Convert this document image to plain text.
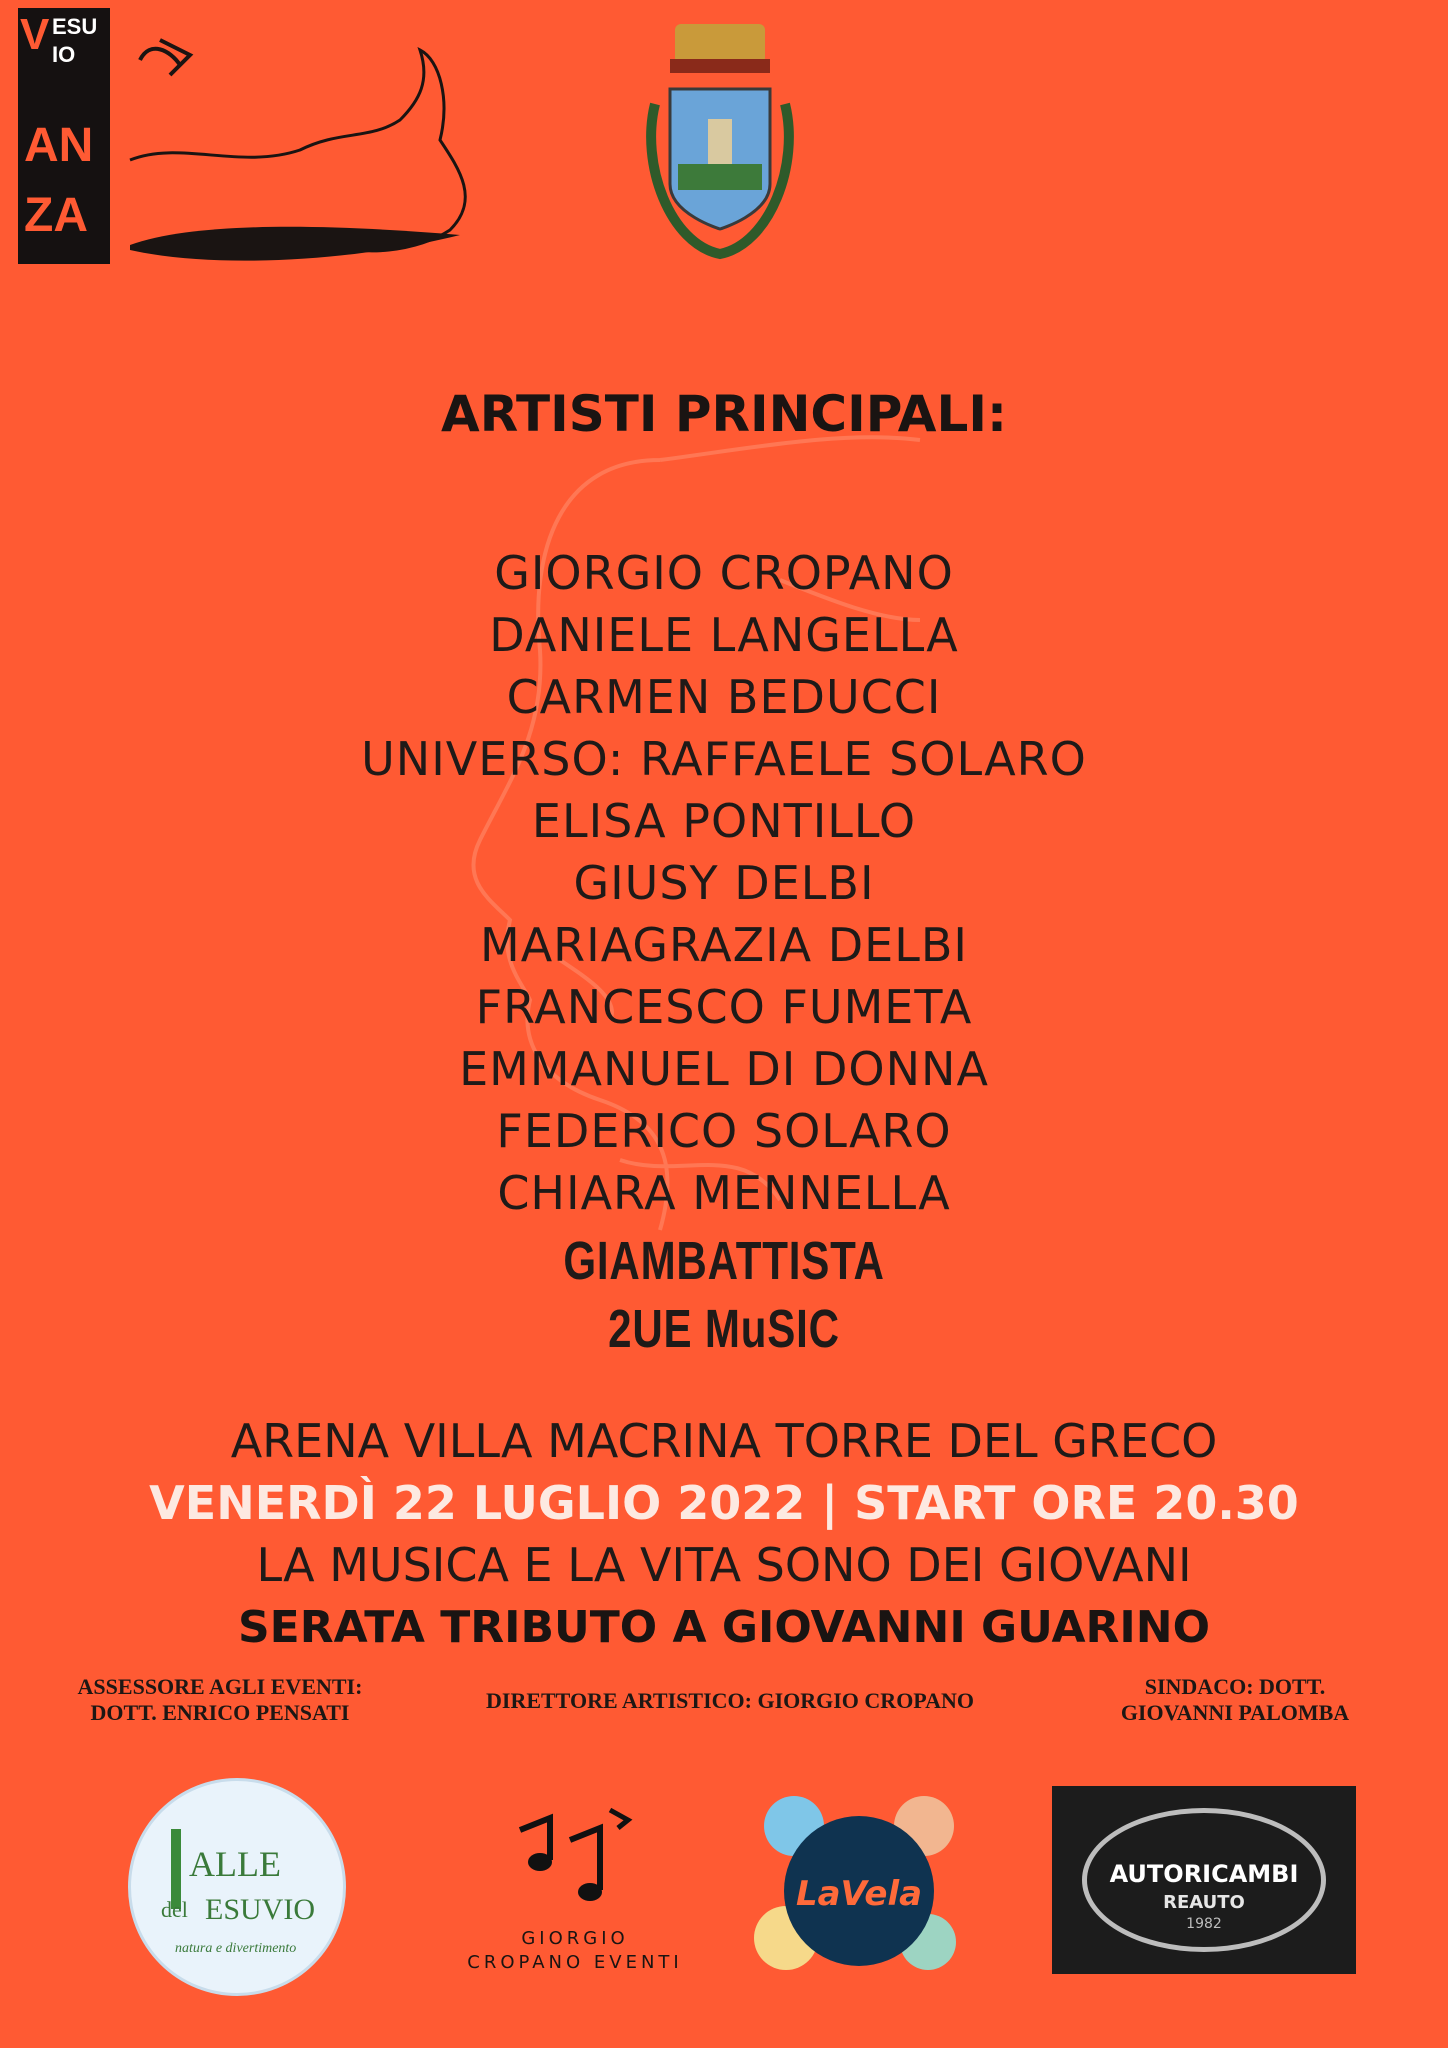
V ESU
IO
AN
ZA
ARTISTI PRINCIPALI:
GIORGIO CROPANO
DANIELE LANGELLA
CARMEN BEDUCCI
UNIVERSO: RAFFAELE SOLARO
ELISA PONTILLO
GIUSY DELBI
MARIAGRAZIA DELBI
FRANCESCO FUMETA
EMMANUEL DI DONNA
FEDERICO SOLARO
CHIARA MENNELLA
GIAMBATTISTA
2UE MuSIC
ARENA VILLA MACRINA TORRE DEL GRECO
VENERDÌ 22 LUGLIO 2022 | START ORE 20.30
LA MUSICA E LA VITA SONO DEI GIOVANI
SERATA TRIBUTO A GIOVANNI GUARINO
ASSESSORE AGLI EVENTI:
DOTT. ENRICO PENSATI	DIRETTORE ARTISTICO: GIORGIO CROPANO
SINDACO: DOTT.
GIOVANNI PALOMBA
ALLE
del ESUVIO
natura e divertimento	GIORGIO
CROPANO EVENTI
LaVela	AUTORICAMBI
REAUTO
1982
